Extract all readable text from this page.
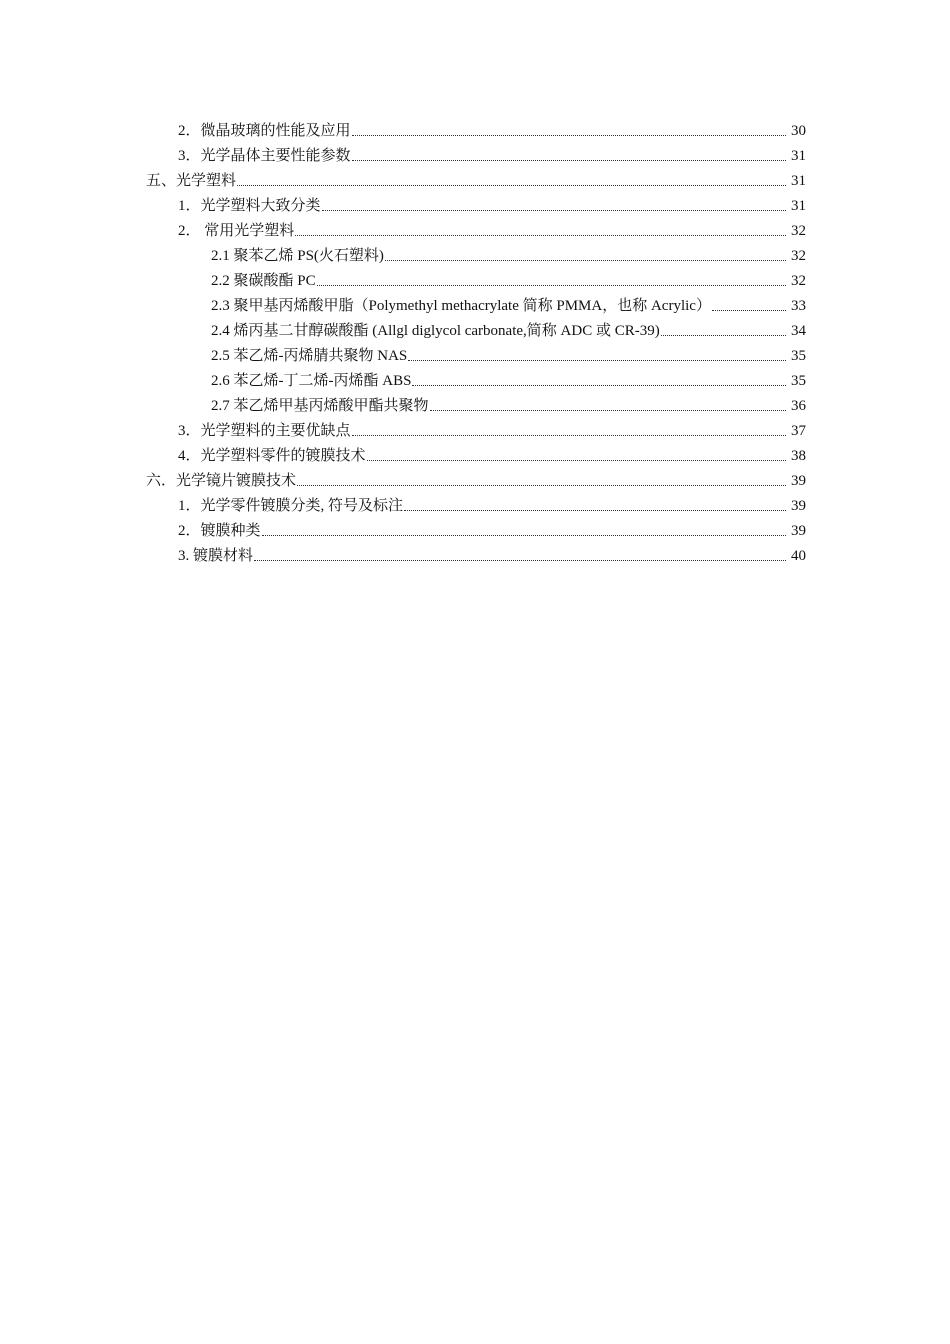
2．微晶玻璃的性能及应用	30
3．光学晶体主要性能参数	31
五、光学塑料	31
1．光学塑料大致分类	31
2． 常用光学塑料	32
2.1 聚苯乙烯 PS(火石塑料)	32
2.2 聚碳酸酯 PC	32
2.3 聚甲基丙烯酸甲脂（Polymethyl methacrylate 简称 PMMA，也称 Acrylic）	33
2.4 烯丙基二甘醇碳酸酯 (Allgl diglycol carbonate,简称 ADC 或 CR-39)	34
2.5 苯乙烯-丙烯腈共聚物 NAS	35
2.6 苯乙烯-丁二烯-丙烯酯 ABS	35
2.7 苯乙烯甲基丙烯酸甲酯共聚物	36
3．光学塑料的主要优缺点	37
4．光学塑料零件的镀膜技术	38
六．光学镜片镀膜技术	39
1．光学零件镀膜分类, 符号及标注	39
2．镀膜种类	39
3. 镀膜材料	40
